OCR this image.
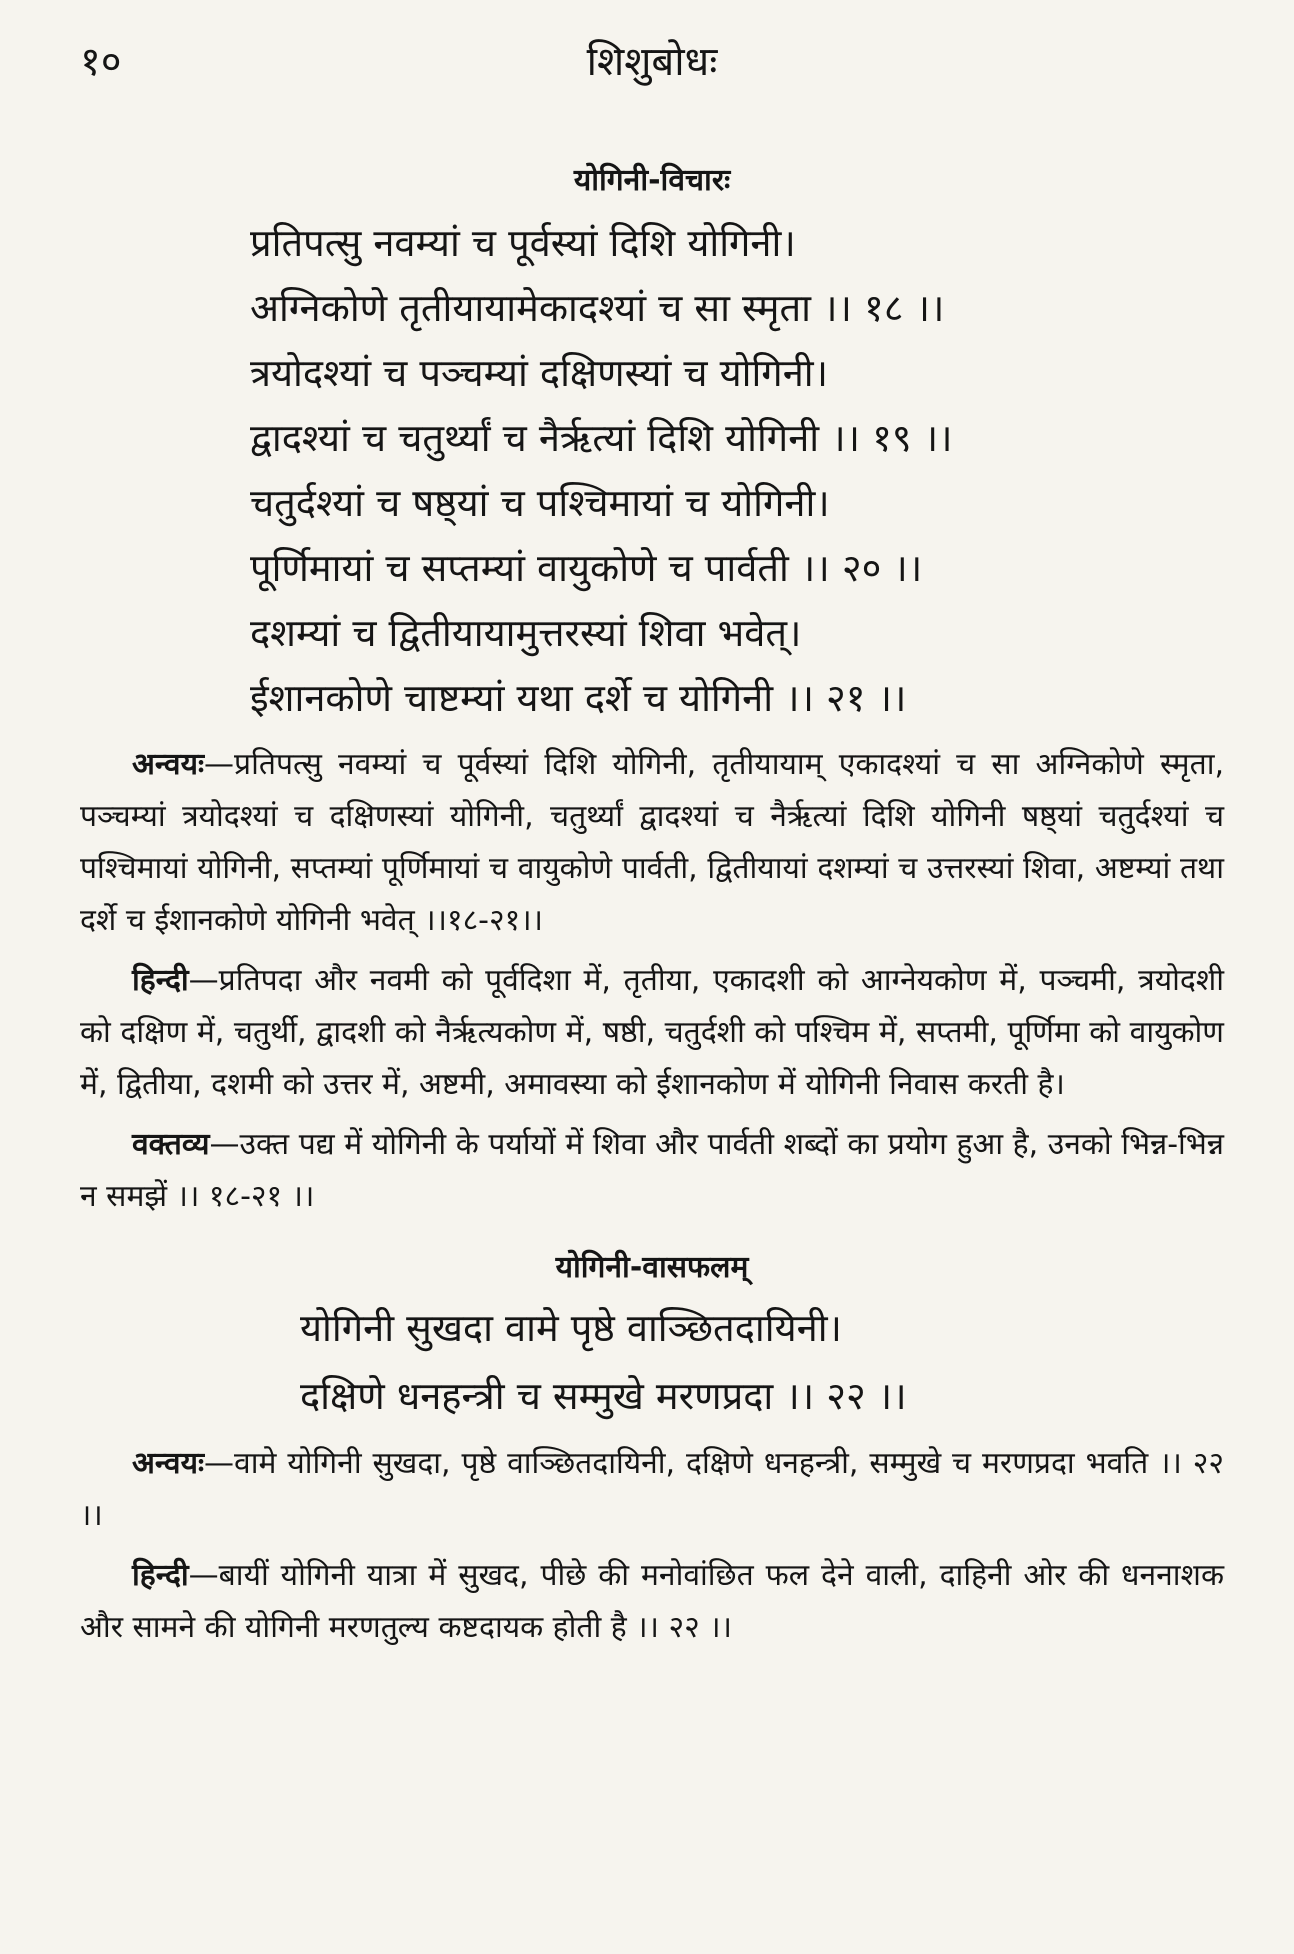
१०	शिशुबोधः
योगिनी-विचारः
प्रतिपत्सु नवम्यां च पूर्वस्यां दिशि योगिनी।
अग्निकोणे तृतीयायामेकादश्यां च सा स्मृता ।। १८ ।।
त्रयोदश्यां च पञ्चम्यां दक्षिणस्यां च योगिनी।
द्वादश्यां च चतुर्थ्यां च नैर्ऋत्यां दिशि योगिनी ।। १९ ।।
चतुर्दश्यां च षष्ठ्यां च पश्चिमायां च योगिनी।
पूर्णिमायां च सप्तम्यां वायुकोणे च पार्वती ।। २० ।।
दशम्यां च द्वितीयायामुत्तरस्यां शिवा भवेत्।
ईशानकोणे चाष्टम्यां यथा दर्शे च योगिनी ।। २१ ।।

अन्वयः—प्रतिपत्सु नवम्यां च पूर्वस्यां दिशि योगिनी, तृतीयायाम् एकादश्यां च सा अग्निकोणे स्मृता, पञ्चम्यां त्रयोदश्यां च दक्षिणस्यां योगिनी, चतुर्थ्यां द्वादश्यां च नैर्ऋत्यां दिशि योगिनी षष्ठ्यां चतुर्दश्यां च पश्चिमायां योगिनी, सप्तम्यां पूर्णिमायां च वायुकोणे पार्वती, द्वितीयायां दशम्यां च उत्तरस्यां शिवा, अष्टम्यां तथा दर्शे च ईशानकोणे योगिनी भवेत् ।।१८-२१।।

हिन्दी—प्रतिपदा और नवमी को पूर्वदिशा में, तृतीया, एकादशी को आग्नेयकोण में, पञ्चमी, त्रयोदशी को दक्षिण में, चतुर्थी, द्वादशी को नैर्ऋत्यकोण में, षष्ठी, चतुर्दशी को पश्चिम में, सप्तमी, पूर्णिमा को वायुकोण में, द्वितीया, दशमी को उत्तर में, अष्टमी, अमावस्या को ईशानकोण में योगिनी निवास करती है।

वक्तव्य—उक्त पद्य में योगिनी के पर्यायों में शिवा और पार्वती शब्दों का प्रयोग हुआ है, उनको भिन्न-भिन्न न समझें ।। १८-२१ ।।

योगिनी-वासफलम्
योगिनी सुखदा वामे पृष्ठे वाञ्छितदायिनी।
दक्षिणे धनहन्त्री च सम्मुखे मरणप्रदा ।। २२ ।।

अन्वयः—वामे योगिनी सुखदा, पृष्ठे वाञ्छितदायिनी, दक्षिणे धनहन्त्री, सम्मुखे च मरणप्रदा भवति ।। २२ ।।

हिन्दी—बायीं योगिनी यात्रा में सुखद, पीछे की मनोवांछित फल देने वाली, दाहिनी ओर की धननाशक और सामने की योगिनी मरणतुल्य कष्टदायक होती है ।। २२ ।।
